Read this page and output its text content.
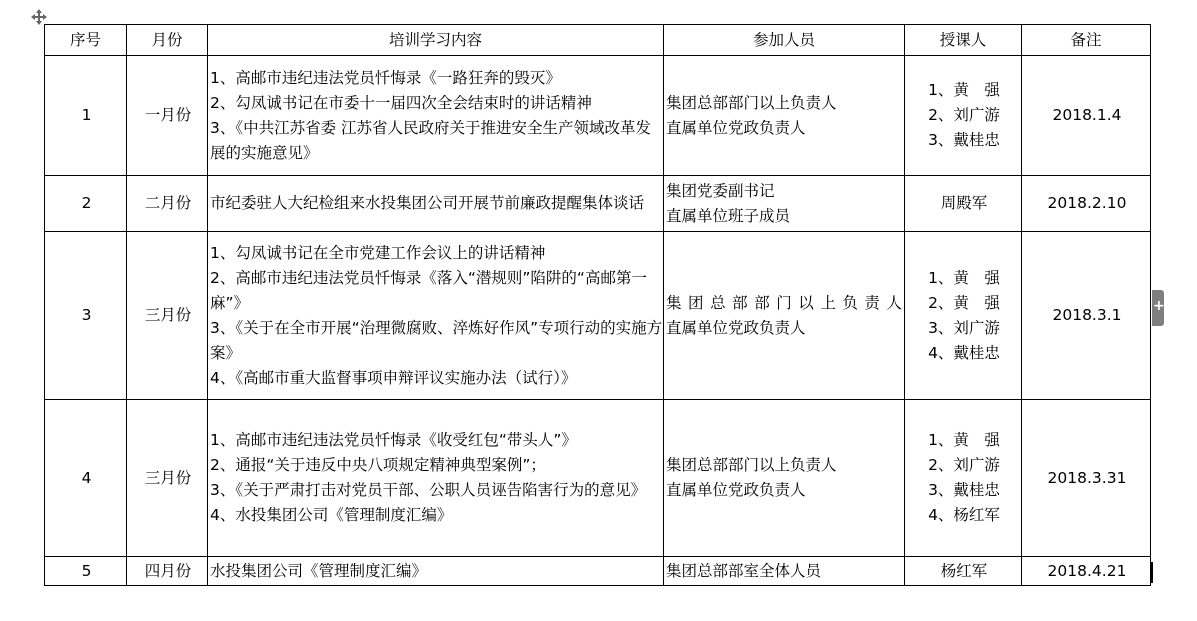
序号	月份	培训学习内容	参加人员	授课人	备注
1	一月份	1、高邮市违纪违法党员忏悔录《一路狂奔的毁灭》
2、勾凤诚书记在市委十一届四次全会结束时的讲话精神
3、《中共江苏省委 江苏省人民政府关于推进安全生产领域改革发展的实施意见》	集团总部部门以上负责人
直属单位党政负责人	1、黄　强
2、刘广游
3、戴桂忠	2018.1.4
2	二月份	市纪委驻人大纪检组来水投集团公司开展节前廉政提醒集体谈话	集团党委副书记
直属单位班子成员	周殿军	2018.2.10
3	三月份	1、勾凤诚书记在全市党建工作会议上的讲话精神
2、高邮市违纪违法党员忏悔录《落入“潜规则”陷阱的“高邮第一麻”》
3、《关于在全市开展“治理微腐败、淬炼好作风”专项行动的实施方案》
4、《高邮市重大监督事项申辩评议实施办法（试行）》	集团总部部门以上负责人
直属单位党政负责人	1、黄　强
2、黄　强
3、刘广游
4、戴桂忠	2018.3.1
4	三月份	1、高邮市违纪违法党员忏悔录《收受红包“带头人”》
2、通报“关于违反中央八项规定精神典型案例”；
3、《关于严肃打击对党员干部、公职人员诬告陷害行为的意见》
4、水投集团公司《管理制度汇编》	集团总部部门以上负责人
直属单位党政负责人	1、黄　强
2、刘广游
3、戴桂忠
4、杨红军	2018.3.31
5	四月份	水投集团公司《管理制度汇编》	集团总部部室全体人员	杨红军	2018.4.21
+
